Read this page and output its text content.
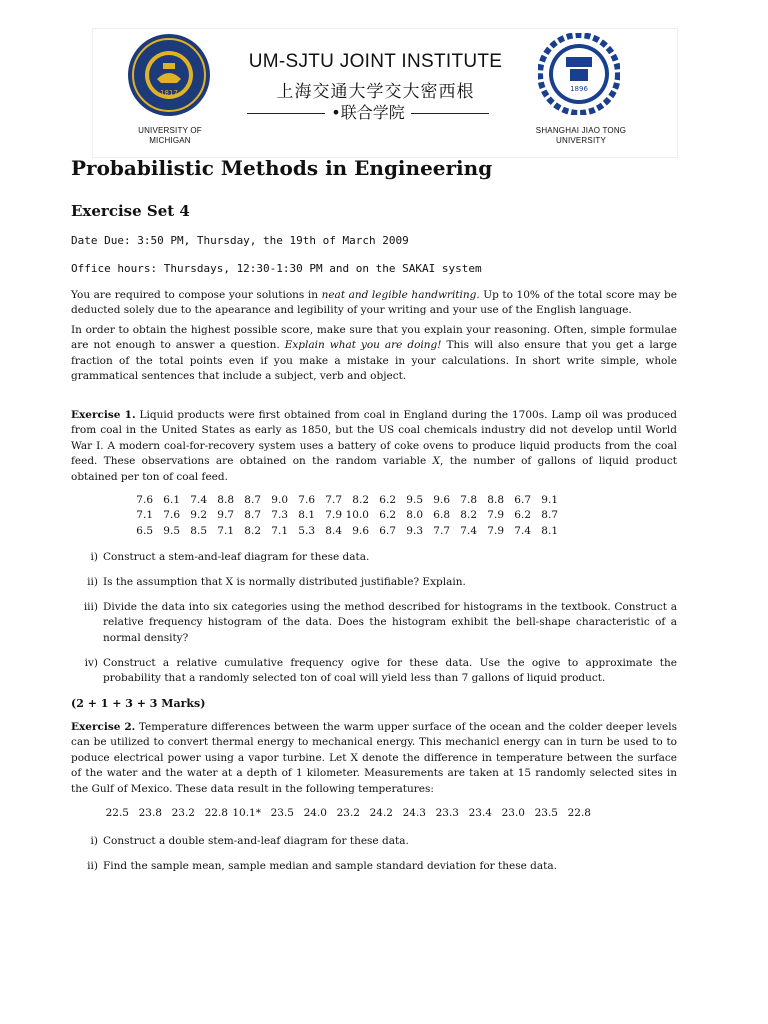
1817
UNIVERSITY OF
MICHIGAN
UM-SJTU JOINT INSTITUTE
上海交通大学交大密西根
•联合学院
1896
SHANGHAI JIAO TONG
UNIVERSITY
Probabilistic Methods in Engineering
Exercise Set 4
Date Due: 3:50 PM, Thursday, the 19th of March 2009
Office hours: Thursdays, 12:30-1:30 PM and on the SAKAI system
You are required to compose your solutions in neat and legible handwriting. Up to 10% of the total score may be deducted solely due to the apearance and legibility of your writing and your use of the English language.
In order to obtain the highest possible score, make sure that you explain your reasoning. Often, simple formulae are not enough to answer a question. Explain what you are doing! This will also ensure that you get a large fraction of the total points even if you make a mistake in your calculations. In short write simple, whole grammatical sentences that include a subject, verb and object.
Exercise 1. Liquid products were first obtained from coal in England during the 1700s. Lamp oil was produced from coal in the United States as early as 1850, but the US coal chemicals industry did not develop until World War I. A modern coal-for-recovery system uses a battery of coke ovens to produce liquid products from the coal feed. These observations are obtained on the random variable X, the number of gallons of liquid product obtained per ton of coal feed.
7.6	6.1	7.4	8.8	8.7	9.0	7.6	7.7	8.2	6.2	9.5	9.6	7.8	8.8	6.7	9.1
7.1	7.6	9.2	9.7	8.7	7.3	8.1	7.9	10.0	6.2	8.0	6.8	8.2	7.9	6.2	8.7
6.5	9.5	8.5	7.1	8.2	7.1	5.3	8.4	9.6	6.7	9.3	7.7	7.4	7.9	7.4	8.1
i) Construct a stem-and-leaf diagram for these data.
ii) Is the assumption that X is normally distributed justifiable? Explain.
iii) Divide the data into six categories using the method described for histograms in the textbook. Construct a relative frequency histogram of the data. Does the histogram exhibit the bell-shape characteristic of a normal density?
iv) Construct a relative cumulative frequency ogive for these data. Use the ogive to approximate the probability that a randomly selected ton of coal will yield less than 7 gallons of liquid product.
(2 + 1 + 3 + 3 Marks)
Exercise 2. Temperature differences between the warm upper surface of the ocean and the colder deeper levels can be utilized to convert thermal energy to mechanical energy. This mechanicl energy can in turn be used to to poduce electrical power using a vapor turbine. Let X denote the difference in temperature between the surface of the water and the water at a depth of 1 kilometer. Measurements are taken at 15 randomly selected sites in the Gulf of Mexico. These data result in the following temperatures:
22.5	23.8	23.2	22.8	10.1*	23.5	24.0	23.2	24.2	24.3	23.3	23.4	23.0	23.5	22.8
i) Construct a double stem-and-leaf diagram for these data.
ii) Find the sample mean, sample median and sample standard deviation for these data.
